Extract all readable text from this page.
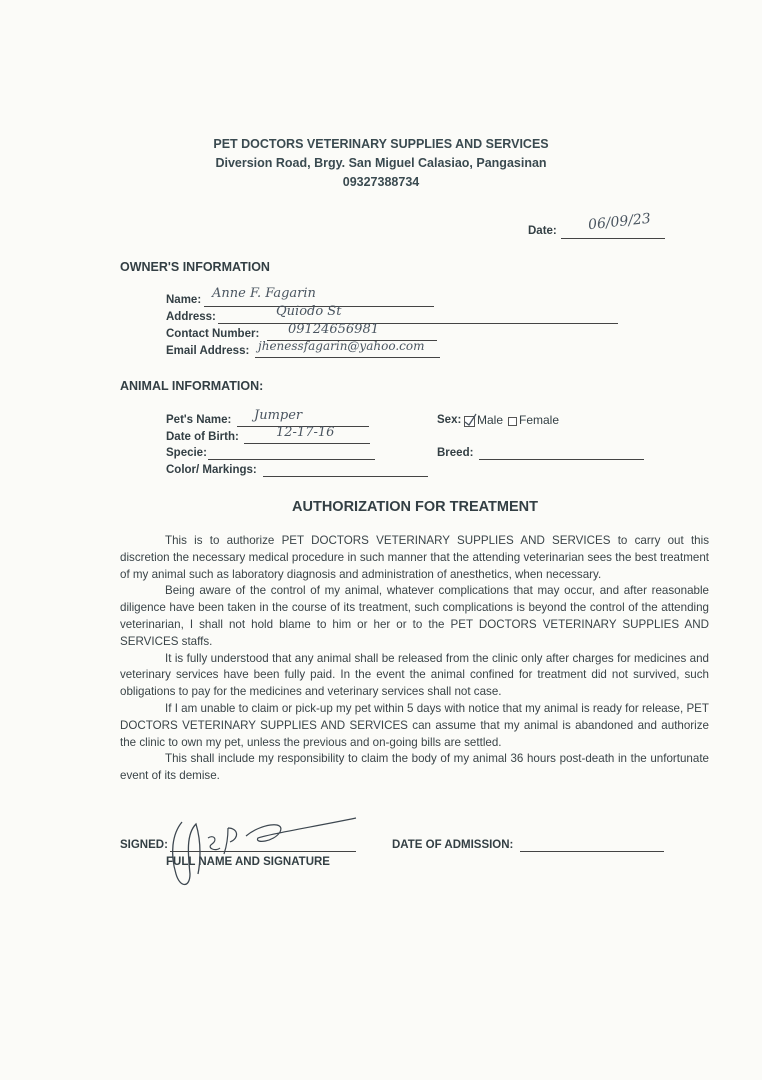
PET DOCTORS VETERINARY SUPPLIES AND SERVICES
Diversion Road, Brgy. San Miguel Calasiao, Pangasinan
09327388734
Date: 06/09/23
OWNER'S INFORMATION
Name: Anne F. Fagarin
Address:	Quiodo St
Contact Number: 09124656981
Email Address: jhenessfagarin@yahoo.com
ANIMAL INFORMATION:
Pet's Name: Jumper
Date of Birth:	12-17-16
Specie:
Color/ Markings:
Sex: Male Female
Breed:
AUTHORIZATION FOR TREATMENT

This is to authorize PET DOCTORS VETERINARY SUPPLIES AND SERVICES to carry out this discretion the necessary medical procedure in such manner that the attending veterinarian sees the best treatment of my animal such as laboratory diagnosis and administration of anesthetics, when necessary.

Being aware of the control of my animal, whatever complications that may occur, and after reasonable diligence have been taken in the course of its treatment, such complications is beyond the control of the attending veterinarian, I shall not hold blame to him or her or to the PET DOCTORS VETERINARY SUPPLIES AND SERVICES staffs.

It is fully understood that any animal shall be released from the clinic only after charges for medicines and veterinary services have been fully paid. In the event the animal confined for treatment did not survived, such obligations to pay for the medicines and veterinary services shall not case.

If I am unable to claim or pick-up my pet within 5 days with notice that my animal is ready for release, PET DOCTORS VETERINARY SUPPLIES AND SERVICES can assume that my animal is abandoned and authorize the clinic to own my pet, unless the previous and on-going bills are settled.

This shall include my responsibility to claim the body of my animal 36 hours post-death in the unfortunate event of its demise.

SIGNED:
FULL NAME AND SIGNATURE
DATE OF ADMISSION:
